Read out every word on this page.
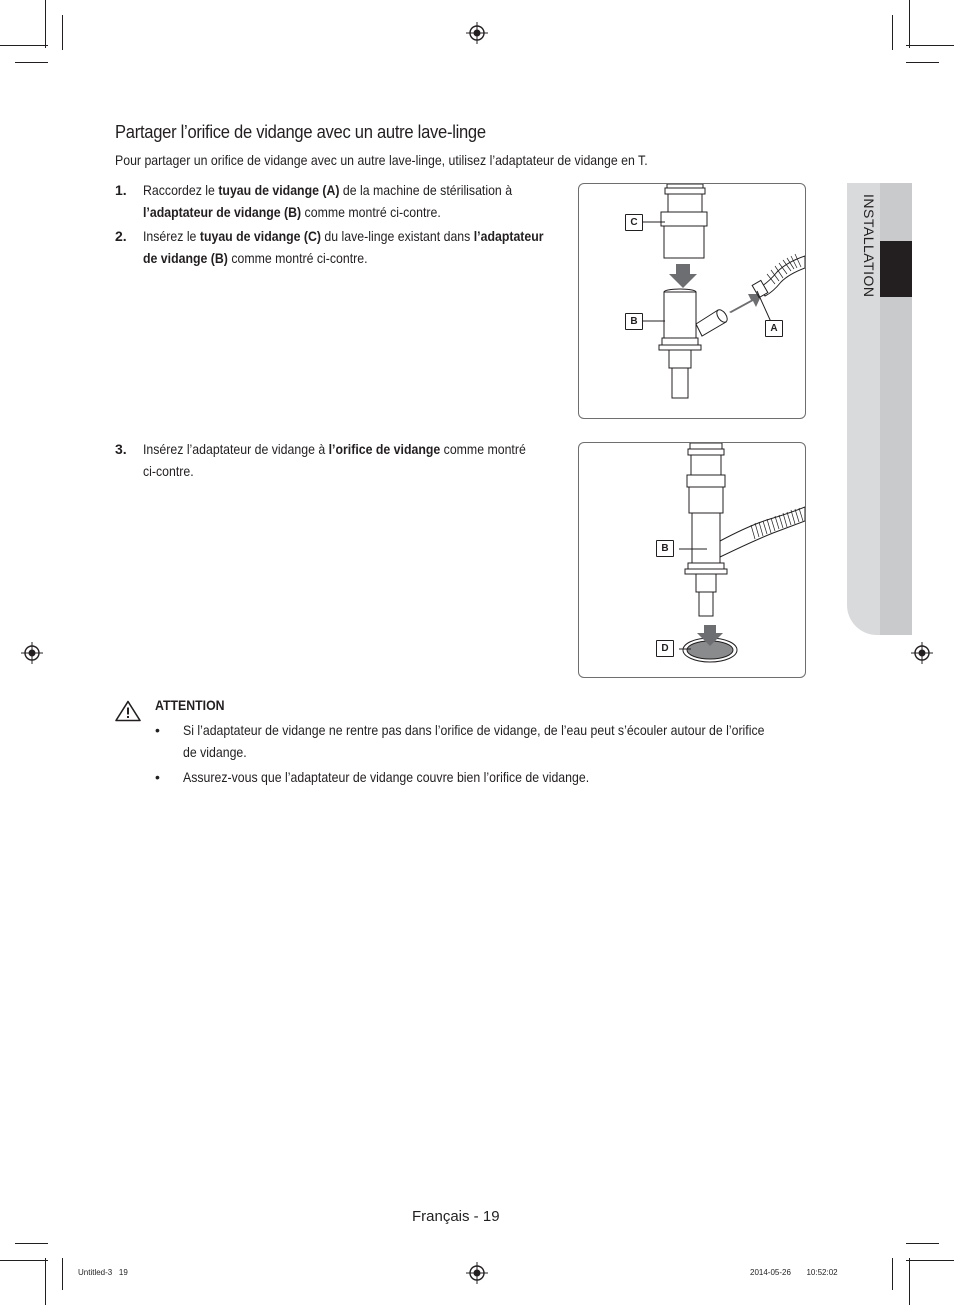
INSTALLATION
Partager l’orifice de vidange avec un autre lave-linge
Pour partager un orifice de vidange avec un autre lave-linge, utilisez l’adaptateur de vidange en T.
1. Raccordez le tuyau de vidange (A) de la machine de stérilisation à
l’adaptateur de vidange (B) comme montré ci-contre.
2. Insérez le tuyau de vidange (C) du lave-linge existant dans l’adaptateur
de vidange (B) comme montré ci-contre.
C
B
A
3. Insérez l’adaptateur de vidange à l’orifice de vidange comme montré
ci-contre.
B
D
ATTENTION
• Si l’adaptateur de vidange ne rentre pas dans l’orifice de vidange, de l’eau peut s’écouler autour de l’orifice
de vidange.
• Assurez-vous que l’adaptateur de vidange couvre bien l’orifice de vidange.
Français - 19
Untitled-3   19	2014-05-26       10:52:02
